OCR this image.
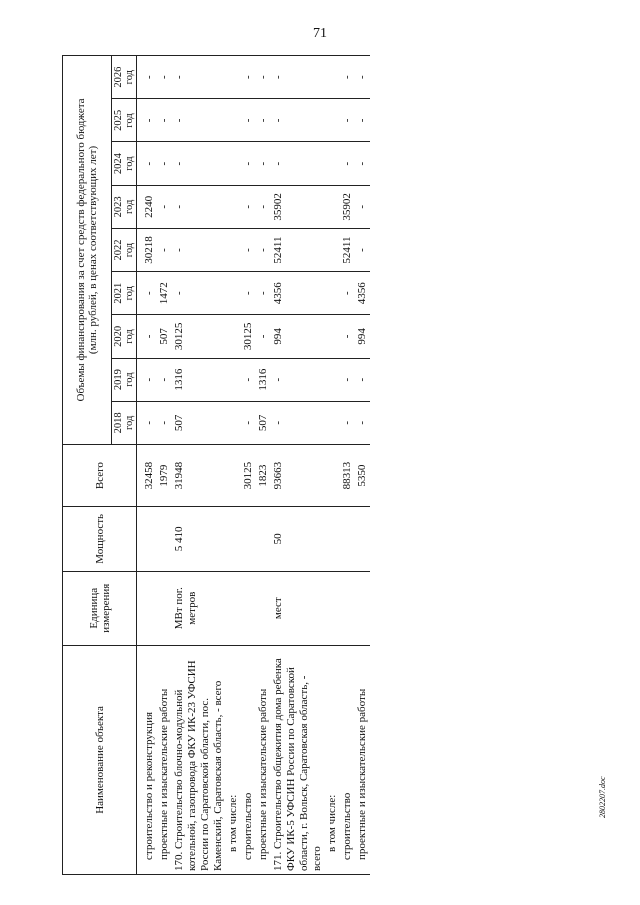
71
Наименование объекта	Единица измерения	Мощность	Всего	Объемы финансирования за счет средств федерального бюджета (млн. рублей, в ценах соответствующих лет)								

				2018 год	2019 год	2020 год	2021 год	2022 год	2023 год	2024 год	2025 год	2026 год
строительство и реконструкция			32458	-	-	-	-	30218	2240	-	-	-
проектные и изыскательские работы			1979	-	-	507	1472	-	-	-	-	-
170. Строительство блочно-модульной котельной, газопровода ФКУ ИК-23 УФСИН России по Саратовской области, пос. Каменский, Саратовская область, - всего	МВт пог. метров	5 410	31948	507	1316	30125	-	-	-	-	-	-
в том числе:												
строительство			30125	-	-	30125	-	-	-	-	-	-
проектные и изыскательские работы			1823	507	1316	-	-	-	-	-	-	-
171. Строительство общежития дома ребенка ФКУ ИК-5 УФСИН России по Саратовской области, г. Вольск, Саратовская область, - всего	мест	50	93663	-	-	994	4356	52411	35902	-	-	-
в том числе:												
строительство			88313	-	-	-	-	52411	35902	-	-	-
проектные и изыскательские работы			5350	-	-	994	4356	-	-	-	-	-
2802207.doc
